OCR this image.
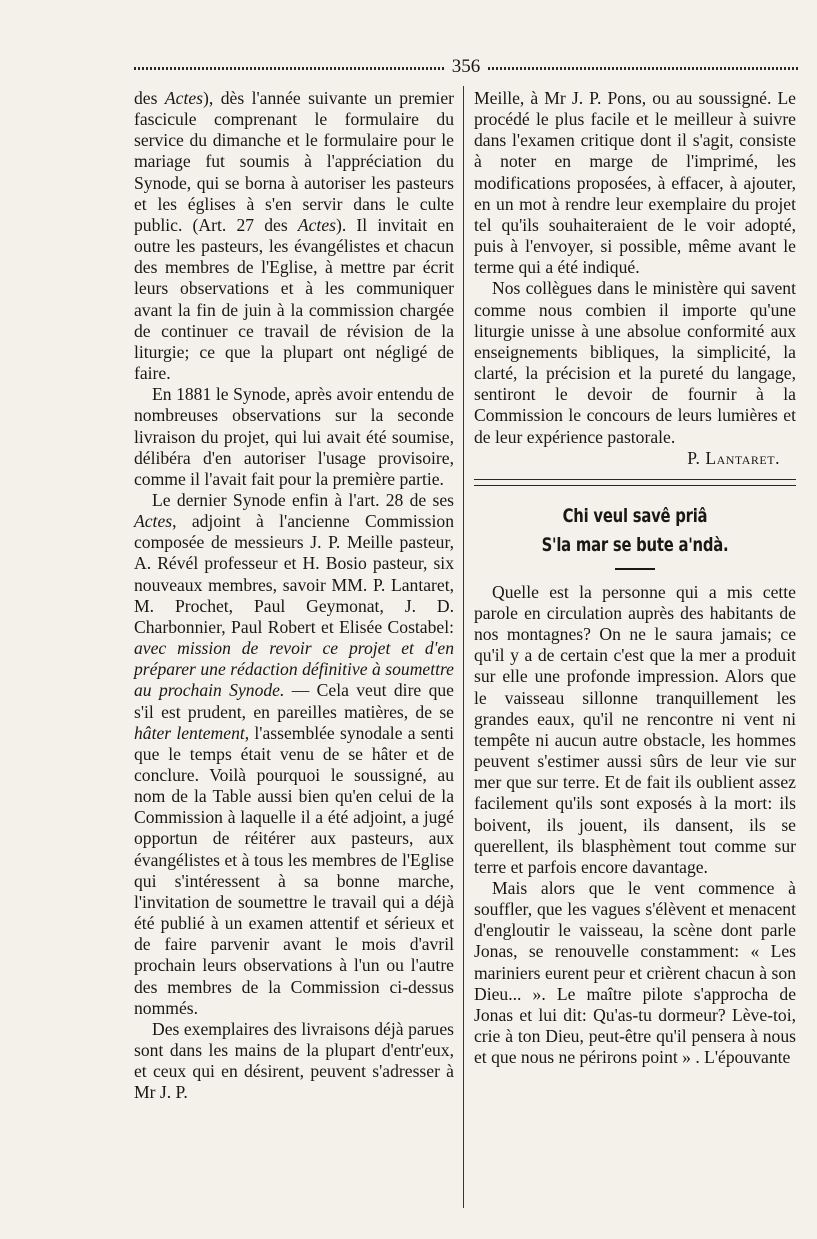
356

des Actes), dès l'année suivante un premier fascicule comprenant le formulaire du service du dimanche et le formulaire pour le mariage fut soumis à l'appréciation du Synode, qui se borna à autoriser les pasteurs et les églises à s'en servir dans le culte public. (Art. 27 des Actes). Il invitait en outre les pasteurs, les évangélistes et chacun des membres de l'Eglise, à mettre par écrit leurs observations et à les communiquer avant la fin de juin à la commission chargée de continuer ce travail de révision de la liturgie; ce que la plupart ont négligé de faire.

En 1881 le Synode, après avoir entendu de nombreuses observations sur la seconde livraison du projet, qui lui avait été soumise, délibéra d'en autoriser l'usage provisoire, comme il l'avait fait pour la première partie.

Le dernier Synode enfin à l'art. 28 de ses Actes, adjoint à l'ancienne Commission composée de messieurs J. P. Meille pasteur, A. Révél professeur et H. Bosio pasteur, six nouveaux membres, savoir MM. P. Lantaret, M. Prochet, Paul Geymonat, J. D. Charbonnier, Paul Robert et Elisée Costabel: avec mission de revoir ce projet et d'en préparer une rédaction définitive à soumettre au prochain Synode. — Cela veut dire que s'il est prudent, en pareilles matières, de se hâter lentement, l'assemblée synodale a senti que le temps était venu de se hâter et de conclure. Voilà pourquoi le soussigné, au nom de la Table aussi bien qu'en celui de la Commission à laquelle il a été adjoint, a jugé opportun de réitérer aux pasteurs, aux évangélistes et à tous les membres de l'Eglise qui s'intéressent à sa bonne marche, l'invitation de soumettre le travail qui a déjà été publié à un examen attentif et sérieux et de faire parvenir avant le mois d'avril prochain leurs observations à l'un ou l'autre des membres de la Commission ci-dessus nommés.

Des exemplaires des livraisons déjà parues sont dans les mains de la plupart d'entr'eux, et ceux qui en désirent, peuvent s'adresser à Mr J. P.

Meille, à Mr J. P. Pons, ou au soussigné. Le procédé le plus facile et le meilleur à suivre dans l'examen critique dont il s'agit, consiste à noter en marge de l'imprimé, les modifications proposées, à effacer, à ajouter, en un mot à rendre leur exemplaire du projet tel qu'ils souhaiteraient de le voir adopté, puis à l'envoyer, si possible, même avant le terme qui a été indiqué.

Nos collègues dans le ministère qui savent comme nous combien il importe qu'une liturgie unisse à une absolue conformité aux enseignements bibliques, la simplicité, la clarté, la précision et la pureté du langage, sentiront le devoir de fournir à la Commission le concours de leurs lumières et de leur expérience pastorale.

P. Lantaret.
Chi veul savê priâ
S'la mar se bute a'ndà.

Quelle est la personne qui a mis cette parole en circulation auprès des habitants de nos montagnes? On ne le saura jamais; ce qu'il y a de certain c'est que la mer a produit sur elle une profonde impression. Alors que le vaisseau sillonne tranquillement les grandes eaux, qu'il ne rencontre ni vent ni tempête ni aucun autre obstacle, les hommes peuvent s'estimer aussi sûrs de leur vie sur mer que sur terre. Et de fait ils oublient assez facilement qu'ils sont exposés à la mort: ils boivent, ils jouent, ils dansent, ils se querellent, ils blasphèment tout comme sur terre et parfois encore davantage.

Mais alors que le vent commence à souffler, que les vagues s'élèvent et menacent d'engloutir le vaisseau, la scène dont parle Jonas, se renouvelle constamment: « Les mariniers eurent peur et crièrent chacun à son Dieu... ». Le maître pilote s'approcha de Jonas et lui dit: Qu'as-tu dormeur? Lève-toi, crie à ton Dieu, peut-être qu'il pensera à nous et que nous ne périrons point » . L'épouvante
